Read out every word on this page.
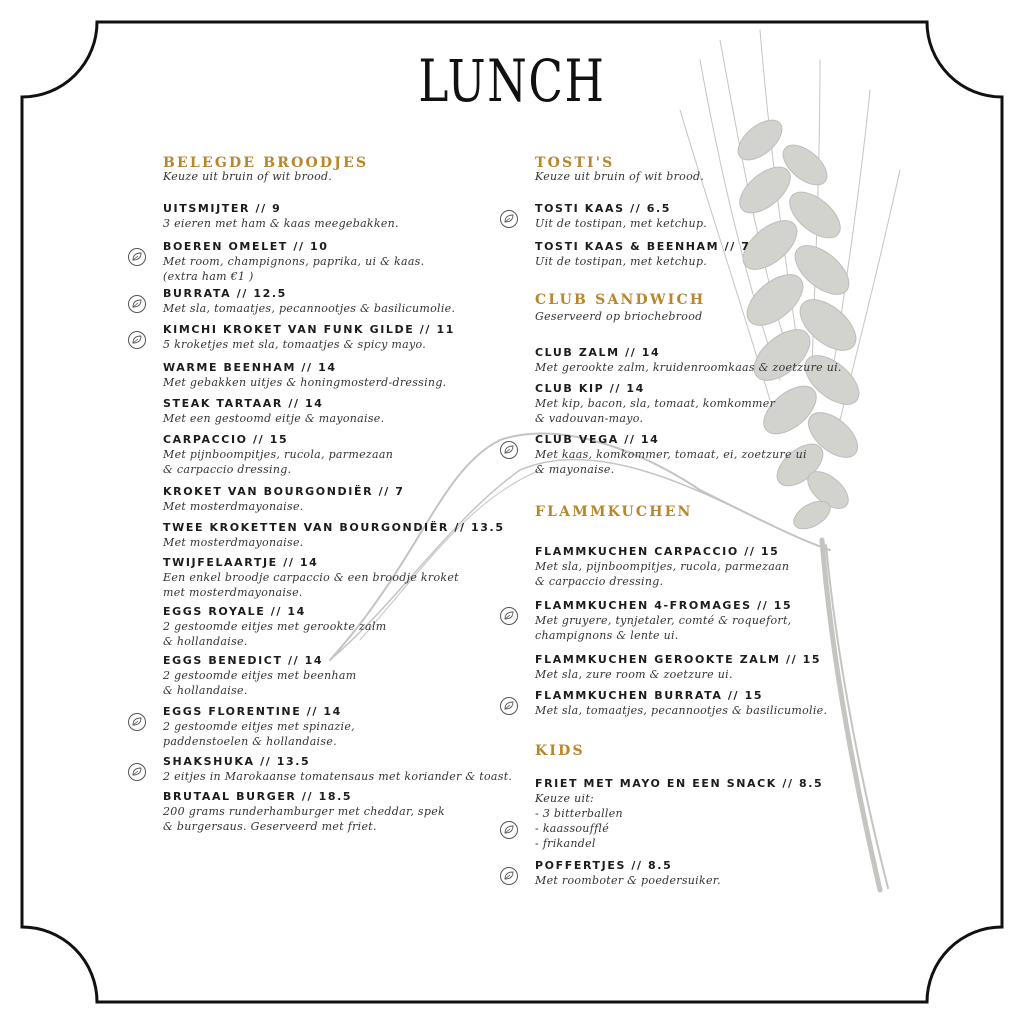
LUNCH
BELEGDE BROODJES
Keuze uit bruin of wit brood.
UITSMIJTER // 9
3 eieren met ham & kaas meegebakken.
BOEREN OMELET // 10
Met room, champignons, paprika, ui & kaas.
(extra ham €1 )
BURRATA // 12.5
Met sla, tomaatjes, pecannootjes & basilicumolie.
KIMCHI KROKET VAN FUNK GILDE // 11
5 kroketjes met sla, tomaatjes & spicy mayo.
WARME BEENHAM // 14
Met gebakken uitjes & honingmosterd-dressing.
STEAK TARTAAR // 14
Met een gestoomd eitje & mayonaise.
CARPACCIO // 15
Met pijnboompitjes, rucola, parmezaan
& carpaccio dressing.
KROKET VAN BOURGONDIËR // 7
Met mosterdmayonaise.
TWEE KROKETTEN VAN BOURGONDIËR // 13.5
Met mosterdmayonaise.
TWIJFELAARTJE // 14
Een enkel broodje carpaccio & een broodje kroket
met mosterdmayonaise.
EGGS ROYALE // 14
2 gestoomde eitjes met gerookte zalm
& hollandaise.
EGGS BENEDICT // 14
2 gestoomde eitjes met beenham
& hollandaise.
EGGS FLORENTINE // 14
2 gestoomde eitjes met spinazie,
paddenstoelen & hollandaise.
SHAKSHUKA // 13.5
2 eitjes in Marokaanse tomatensaus met koriander & toast.
BRUTAAL BURGER // 18.5
200 grams runderhamburger met cheddar, spek
& burgersaus. Geserveerd met friet.
TOSTI'S
Keuze uit bruin of wit brood.
TOSTI KAAS // 6.5
Uit de tostipan, met ketchup.
TOSTI KAAS & BEENHAM // 7
Uit de tostipan, met ketchup.
CLUB SANDWICH
Geserveerd op briochebrood
CLUB ZALM // 14
Met gerookte zalm, kruidenroomkaas & zoetzure ui.
CLUB KIP // 14
Met kip, bacon, sla, tomaat, komkommer
& vadouvan-mayo.
CLUB VEGA // 14
Met kaas, komkommer, tomaat, ei, zoetzure ui
& mayonaise.
FLAMMKUCHEN
FLAMMKUCHEN CARPACCIO // 15
Met sla, pijnboompitjes, rucola, parmezaan
& carpaccio dressing.
FLAMMKUCHEN 4-FROMAGES // 15
Met gruyere, tynjetaler, comté & roquefort,
champignons & lente ui.
FLAMMKUCHEN GEROOKTE ZALM // 15
Met sla, zure room & zoetzure ui.
FLAMMKUCHEN BURRATA // 15
Met sla, tomaatjes, pecannootjes & basilicumolie.
KIDS
FRIET MET MAYO EN EEN SNACK // 8.5
Keuze uit:
- 3 bitterballen
- kaassoufflé
- frikandel
POFFERTJES // 8.5
Met roomboter & poedersuiker.
